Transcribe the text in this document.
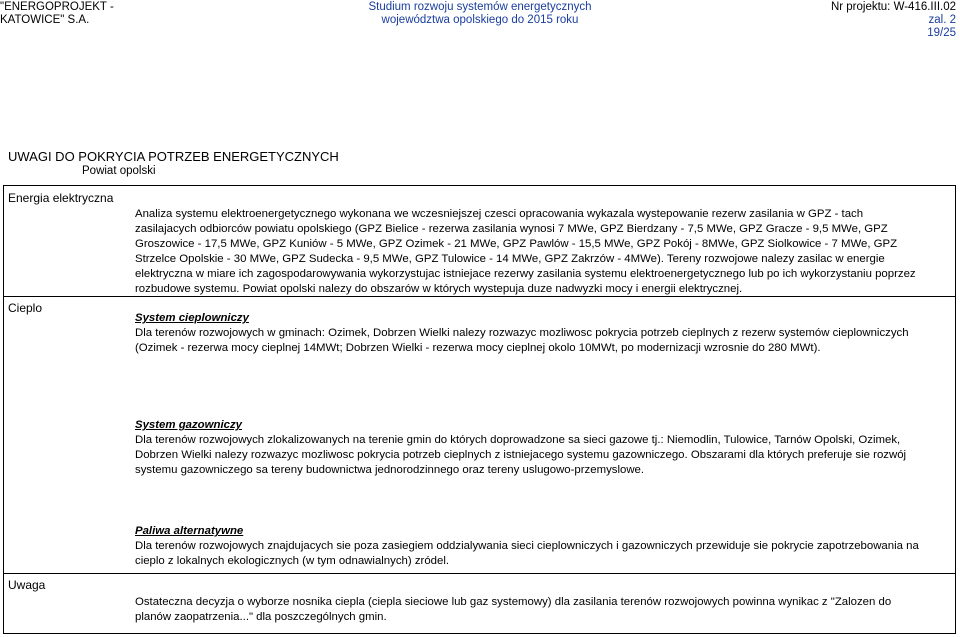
"ENERGOPROJEKT -
KATOWICE" S.A.
Studium rozwoju systemów energetycznych
województwa opolskiego do 2015 roku
Nr projektu: W-416.III.02
zal. 2
19/25
UWAGI DO POKRYCIA POTRZEB ENERGETYCZNYCH
Powiat opolski
Energia elektryczna
Cieplo
Uwaga
Analiza systemu elektroenergetycznego wykonana we wczesniejszej czesci opracowania wykazala wystepowanie rezerw zasilania w GPZ - tach zasilajacych odbiorców powiatu opolskiego (GPZ Bielice - rezerwa zasilania wynosi 7 MWe, GPZ Bierdzany - 7,5 MWe, GPZ Gracze - 9,5 MWe, GPZ Groszowice - 17,5 MWe, GPZ Kuniów - 5 MWe, GPZ Ozimek - 21 MWe, GPZ Pawlów - 15,5 MWe, GPZ Pokój - 8MWe, GPZ Siolkowice - 7 MWe, GPZ Strzelce Opolskie - 30 MWe, GPZ Sudecka - 9,5 MWe, GPZ Tulowice - 14 MWe, GPZ Zakrzów - 4MWe). Tereny rozwojowe nalezy zasilac w energie elektryczna w miare ich zagospodarowywania wykorzystujac istniejace rezerwy zasilania systemu elektroenergetycznego lub po ich wykorzystaniu poprzez rozbudowe systemu. Powiat opolski nalezy do obszarów w których wystepuja duze nadwyzki mocy i energii elektrycznej.
System cieplowniczy
Dla terenów rozwojowych w gminach: Ozimek, Dobrzen Wielki nalezy rozwazyc mozliwosc pokrycia potrzeb cieplnych z rezerw systemów cieplowniczych (Ozimek - rezerwa mocy cieplnej 14MWt; Dobrzen Wielki - rezerwa mocy cieplnej okolo 10MWt, po modernizacji wzrosnie do 280 MWt).
System gazowniczy
Dla terenów rozwojowych zlokalizowanych na terenie gmin do których doprowadzone sa sieci gazowe tj.: Niemodlin, Tulowice, Tarnów Opolski, Ozimek, Dobrzen Wielki nalezy rozwazyc mozliwosc pokrycia potrzeb cieplnych z istniejacego systemu gazowniczego. Obszarami dla których preferuje sie rozwój systemu gazowniczego sa tereny budownictwa jednorodzinnego oraz tereny uslugowo-przemyslowe.
Paliwa alternatywne
Dla terenów rozwojowych znajdujacych sie poza zasiegiem oddzialywania sieci cieplowniczych i gazowniczych przewiduje sie pokrycie zapotrzebowania na cieplo z lokalnych ekologicznych (w tym odnawialnych) zródel.
Ostateczna decyzja o wyborze nosnika ciepla (ciepla sieciowe lub gaz systemowy) dla zasilania terenów rozwojowych powinna wynikac z "Zalozen do planów zaopatrzenia..." dla poszczególnych gmin.
